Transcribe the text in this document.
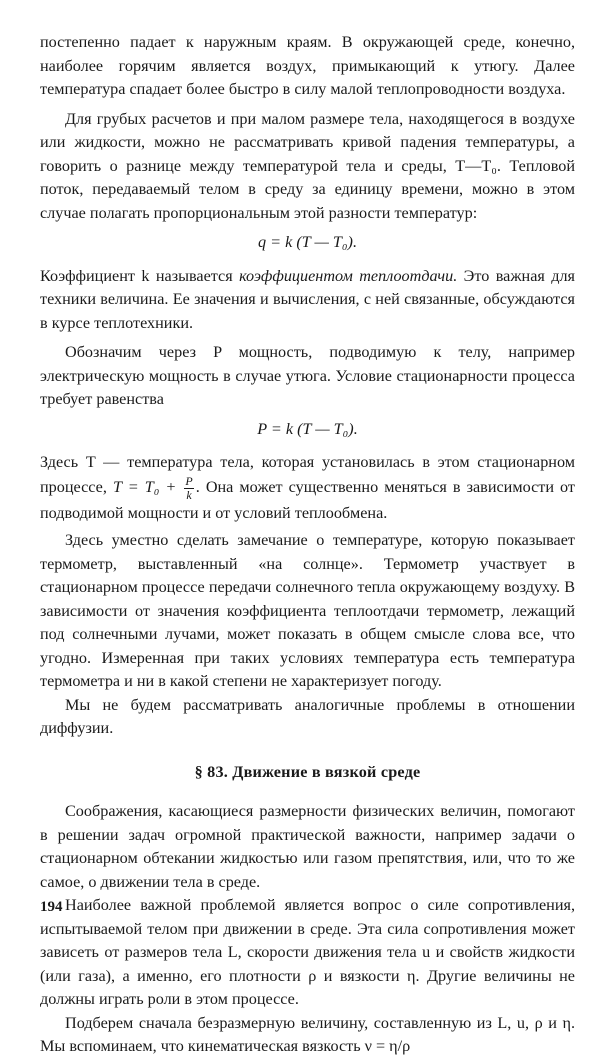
постепенно падает к наружным краям. В окружающей среде, конечно, наиболее горячим является воздух, примыкающий к утюгу. Далее температура спадает более быстро в силу малой теплопроводности воздуха.

Для грубых расчетов и при малом размере тела, находящегося в воздухе или жидкости, можно не рассматривать кривой падения температуры, а говорить о разнице между температурой тела и среды, T—T₀. Тепловой поток, передаваемый телом в среду за единицу времени, можно в этом случае полагать пропорциональным этой разности температур:

q = k (T — T₀).

Коэффициент k называется коэффициентом теплоотдачи. Это важная для техники величина. Ее значения и вычисления, с ней связанные, обсуждаются в курсе теплотехники.

Обозначим через P мощность, подводимую к телу, например электрическую мощность в случае утюга. Условие стационарности процесса требует равенства

P = k (T — T₀).

Здесь T — температура тела, которая установилась в этом стационарном процессе, $T = T_0 + \frac{P}{k}$ . Она может существенно меняться в зависимости от подводимой мощности и от условий теплообмена.

Здесь уместно сделать замечание о температуре, которую показывает термометр, выставленный «на солнце». Термометр участвует в стационарном процессе передачи солнечного тепла окружающему воздуху. В зависимости от значения коэффициента теплоотдачи термометр, лежащий под солнечными лучами, может показать в общем смысле слова все, что угодно. Измеренная при таких условиях температура есть температура термометра и ни в какой степени не характеризует погоду.

Мы не будем рассматривать аналогичные проблемы в отношении диффузии.

§ 83. Движение в вязкой среде

Соображения, касающиеся размерности физических величин, помогают в решении задач огромной практической важности, например задачи о стационарном обтекании жидкостью или газом препятствия, или, что то же самое, о движении тела в среде.

Наиболее важной проблемой является вопрос о силе сопротивления, испытываемой телом при движении в среде. Эта сила сопротивления может зависеть от размеров тела L, скорости движения тела u и свойств жидкости (или газа), а именно, его плотности ρ и вязкости η. Другие величины не должны играть роли в этом процессе.

Подберем сначала безразмерную величину, составленную из L, u, ρ и η. Мы вспоминаем, что кинематическая вязкость ν = η/ρ

194
